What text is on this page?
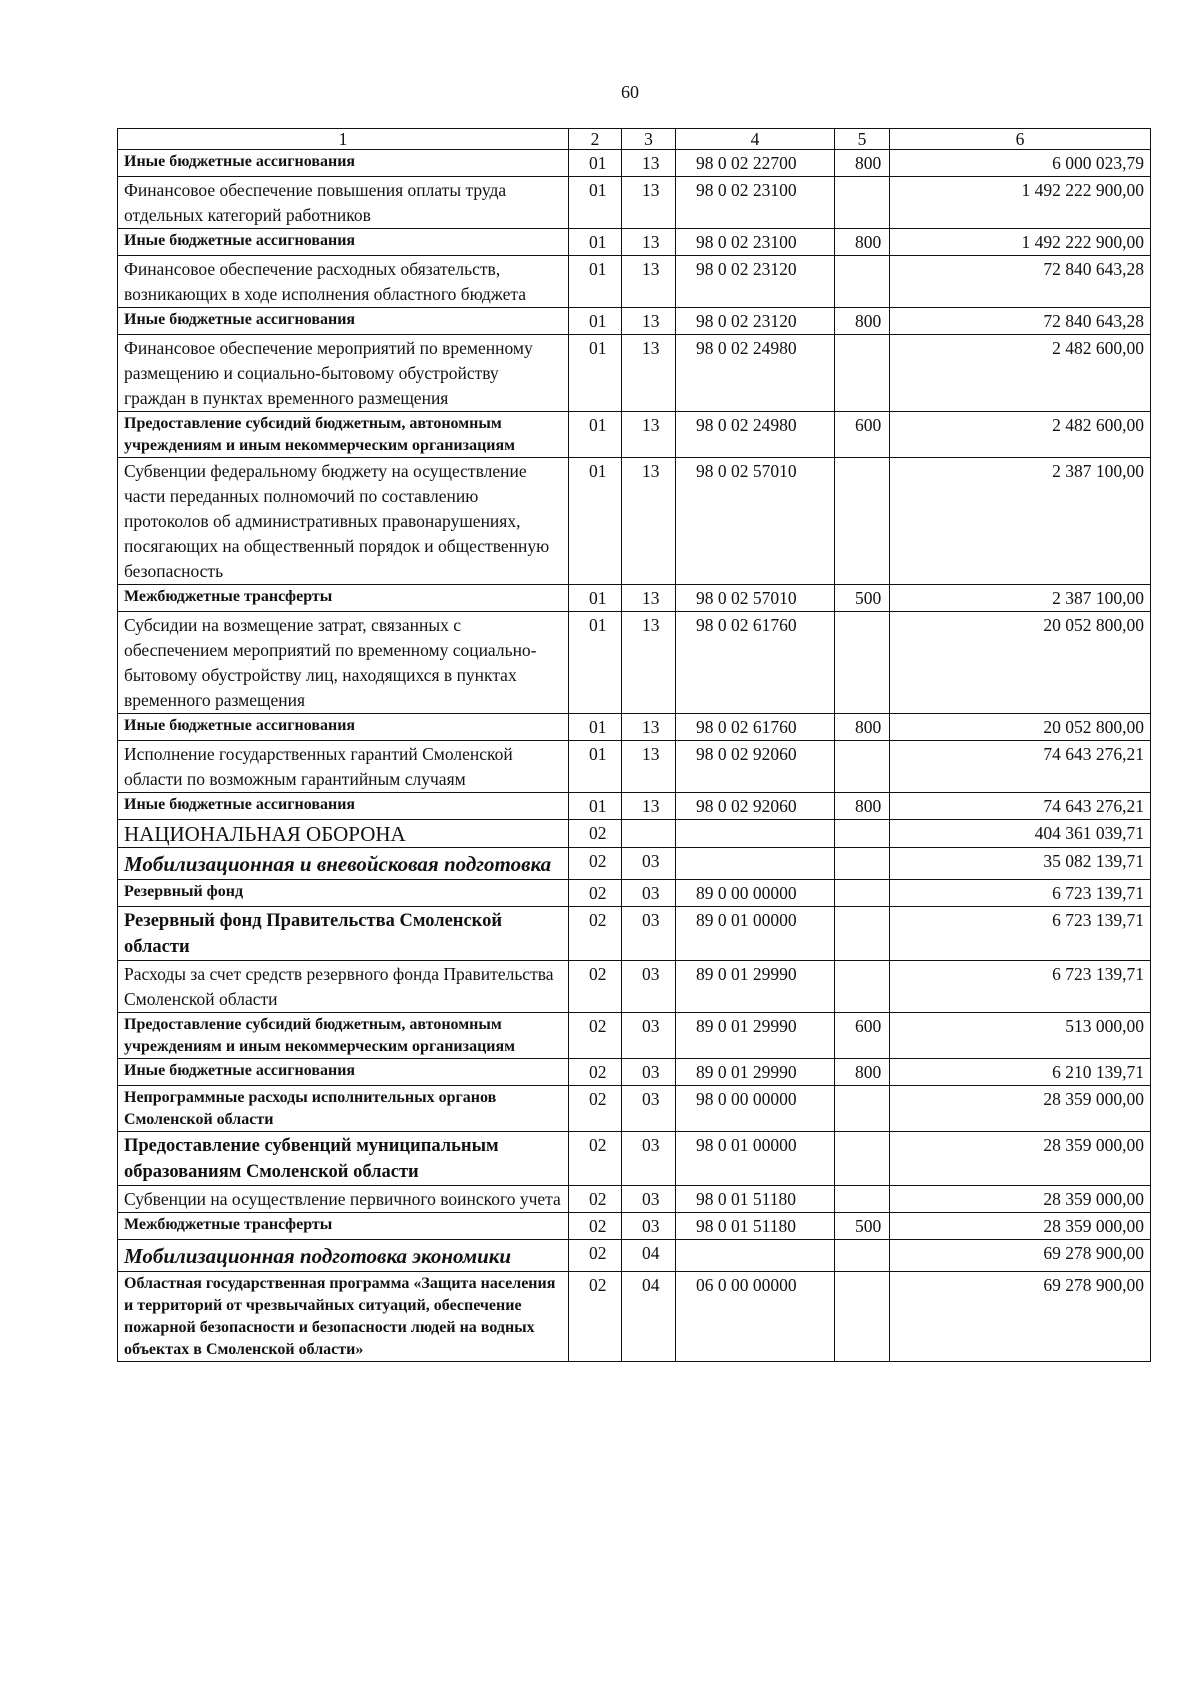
60
1	2	3	4	5	6
Иные бюджетные ассигнования	01	13	98 0 02 22700	800	6 000 023,79
Финансовое обеспечение повышения оплаты труда отдельных категорий работников	01	13	98 0 02 23100		1 492 222 900,00
Иные бюджетные ассигнования	01	13	98 0 02 23100	800	1 492 222 900,00
Финансовое обеспечение расходных обязательств, возникающих в ходе исполнения областного бюджета	01	13	98 0 02 23120		72 840 643,28
Иные бюджетные ассигнования	01	13	98 0 02 23120	800	72 840 643,28
Финансовое обеспечение мероприятий по временному размещению и социально-бытовому обустройству граждан в пунктах временного размещения	01	13	98 0 02 24980		2 482 600,00
Предоставление субсидий бюджетным, автономным учреждениям и иным некоммерческим организациям	01	13	98 0 02 24980	600	2 482 600,00
Субвенции федеральному бюджету на осуществление части переданных полномочий по составлению протоколов об административных правонарушениях, посягающих на общественный порядок и общественную безопасность	01	13	98 0 02 57010		2 387 100,00
Межбюджетные трансферты	01	13	98 0 02 57010	500	2 387 100,00
Субсидии на возмещение затрат, связанных с обеспечением мероприятий по временному социально-бытовому обустройству лиц, находящихся в пунктах временного размещения	01	13	98 0 02 61760		20 052 800,00
Иные бюджетные ассигнования	01	13	98 0 02 61760	800	20 052 800,00
Исполнение государственных гарантий Смоленской области по возможным гарантийным случаям	01	13	98 0 02 92060		74 643 276,21
Иные бюджетные ассигнования	01	13	98 0 02 92060	800	74 643 276,21
НАЦИОНАЛЬНАЯ ОБОРОНА	02				404 361 039,71
Мобилизационная и вневойсковая подготовка	02	03			35 082 139,71
Резервный фонд	02	03	89 0 00 00000		6 723 139,71
Резервный фонд Правительства Смоленской области	02	03	89 0 01 00000		6 723 139,71
Расходы за счет средств резервного фонда Правительства Смоленской области	02	03	89 0 01 29990		6 723 139,71
Предоставление субсидий бюджетным, автономным учреждениям и иным некоммерческим организациям	02	03	89 0 01 29990	600	513 000,00
Иные бюджетные ассигнования	02	03	89 0 01 29990	800	6 210 139,71
Непрограммные расходы исполнительных органов Смоленской области	02	03	98 0 00 00000		28 359 000,00
Предоставление субвенций муниципальным образованиям Смоленской области	02	03	98 0 01 00000		28 359 000,00
Субвенции на осуществление первичного воинского учета	02	03	98 0 01 51180		28 359 000,00
Межбюджетные трансферты	02	03	98 0 01 51180	500	28 359 000,00
Мобилизационная подготовка экономики	02	04			69 278 900,00
Областная государственная программа «Защита населения и территорий от чрезвычайных ситуаций, обеспечение пожарной безопасности и безопасности людей на водных объектах в Смоленской области»	02	04	06 0 00 00000		69 278 900,00
